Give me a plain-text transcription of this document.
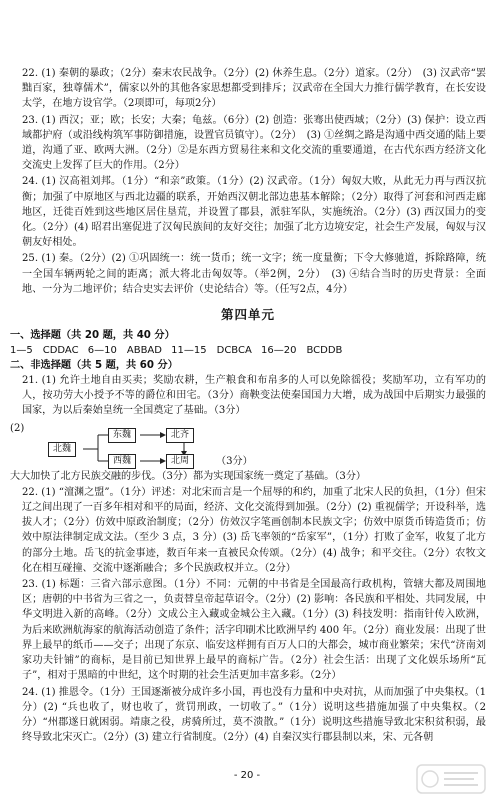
22. (1) 秦朝的暴政；（2分）秦末农民战争。（2分）(2) 休养生息。（2分）道家。（2分）　(3) 汉武帝“罢黜百家，独尊儒术”，儒家以外的其他各家思想都受到排斥；汉武帝在全国大力推行儒学教育，在长安设太学，在地方设官学。（2项即可，每项2分）

23. (1) 西汉；亚；欧；长安；大秦；龟兹。（6分）(2) 创造：张骞出使西域；（2分）(3) 保护：设立西域都护府（或沿线构筑军事防御措施，设置官员镇守）。（2分）　(3) ①丝绸之路是沟通中西交通的陆上要道，沟通了亚、欧两大洲。（2分）②是东西方贸易往来和文化交流的重要通道，在古代东西方经济文化交流史上发挥了巨大的作用。（2分）

24. (1) 汉高祖刘邦。（1分）“和亲”政策。（1分）(2) 汉武帝。（1分）匈奴大败，从此无力再与西汉抗衡；加强了中原地区与西北边疆的联系，开始西汉朝北部边患基本解除；（2分）取得了河套和河西走廊地区，迁徙百姓到这些地区居住垦荒，并设置了郡县，派驻军队，实施统治。（2分）(3) 西汉国力的变化。（2分）(4) 昭君出塞促进了汉匈民族间的友好交往；加强了北方边境安定，社会生产发展，匈奴与汉朝友好相处。

25. (1) 秦。（2分）(2) ①巩固统一：统一货币；统一文字；统一度量衡；下令大修驰道，拆除路障，统一全国车辆两轮之间的距离；派大将北击匈奴等。（举2例，2分）　(3) ④结合当时的历史背景：全面地、一分为二地评价；结合史实去评价（史论结合）等。（任写2点，4分）

第四单元

一、选择题（共 20 题，共 40 分）

1—5　CDDAC 6—10　ABBAD 11—15　DCBCA 16—20　BCDDB

二、非选择题（共 5 题，共 60 分）

21. (1) 允许土地自由买卖；奖励农耕，生产粮食和布帛多的人可以免除徭役；奖励军功，立有军功的人，按功劳大小授予不等的爵位和田宅。（3分）商鞅变法使秦国国力大增，成为战国中后期实力最强的国家，为以后秦始皇统一全国奠定了基础。（3分）

(2)
北魏
东魏	北齐
西魏	北周	（3分）

大大加快了北方民族交融的步伐。（3分）都为实现国家统一奠定了基础。（3分）

22. (1) “澶渊之盟”。（1分）评述：对北宋而言是一个屈辱的和约，加重了北宋人民的负担，（1分）但宋辽之间出现了一百多年相对和平的局面，经济、文化交流得到加强。（2分）(2) 重视儒学；开设科举，选拔人才；（2分）仿效中原政治制度；（2分）仿效汉字笔画创制本民族文字；仿效中原货币铸造货币；仿效中原法律制定成文法。（至少 3 点，3 分）(3) 岳飞率领的“岳家军”，（1分）打败了金军，收复了北方的部分土地。岳飞的抗金事迹，数百年来一直被民众传颂。（2分）(4) 战争；和平交往。（2分）农牧文化在相互碰撞、交流中逐渐融合；多个民族政权并立。（2分）

23. (1) 标题：三省六部示意图。（1分）不同：元朝的中书省是全国最高行政机构，管辖大都及周围地区；唐朝的中书省为三省之一，负责替皇帝起草诏令。（2分）(2) 影响：各民族和平相处、共同发展，中华文明进入新的高峰。（2分）文成公主入藏或金城公主入藏。（1分）(3) 科技发明：指南针传入欧洲，为后来欧洲航海家的航海活动创造了条件；活字印刷术比欧洲早约 400 年。（2分）商业发展：出现了世界上最早的纸币——交子；出现了东京、临安这样拥有百万人口的大都会，城市商业繁荣；宋代“济南刘家功夫针铺”的商标，是目前已知世界上最早的商标广告。（2分）社会生活：出现了文化娱乐场所“瓦子”，相对于黑暗的中世纪，这个时期的社会生活更加丰富多彩。（2分）

24. (1) 推恩令。（1分）王国逐渐被分成许多小国，再也没有力量和中央对抗，从而加强了中央集权。（1分）(2) “兵也收了，财也收了，赏罚刑政，一切收了。”（1分）说明这些措施加强了中央集权。（2分）“州郡遂日就困弱。靖康之役，虏骑所过，莫不溃散。”（1分）说明这些措施导致北宋积贫积弱，最终导致北宋灭亡。（2分）(3) 建立行省制度。（2分）(4) 自秦汉实行郡县制以来，宋、元各朝

- 20 -
